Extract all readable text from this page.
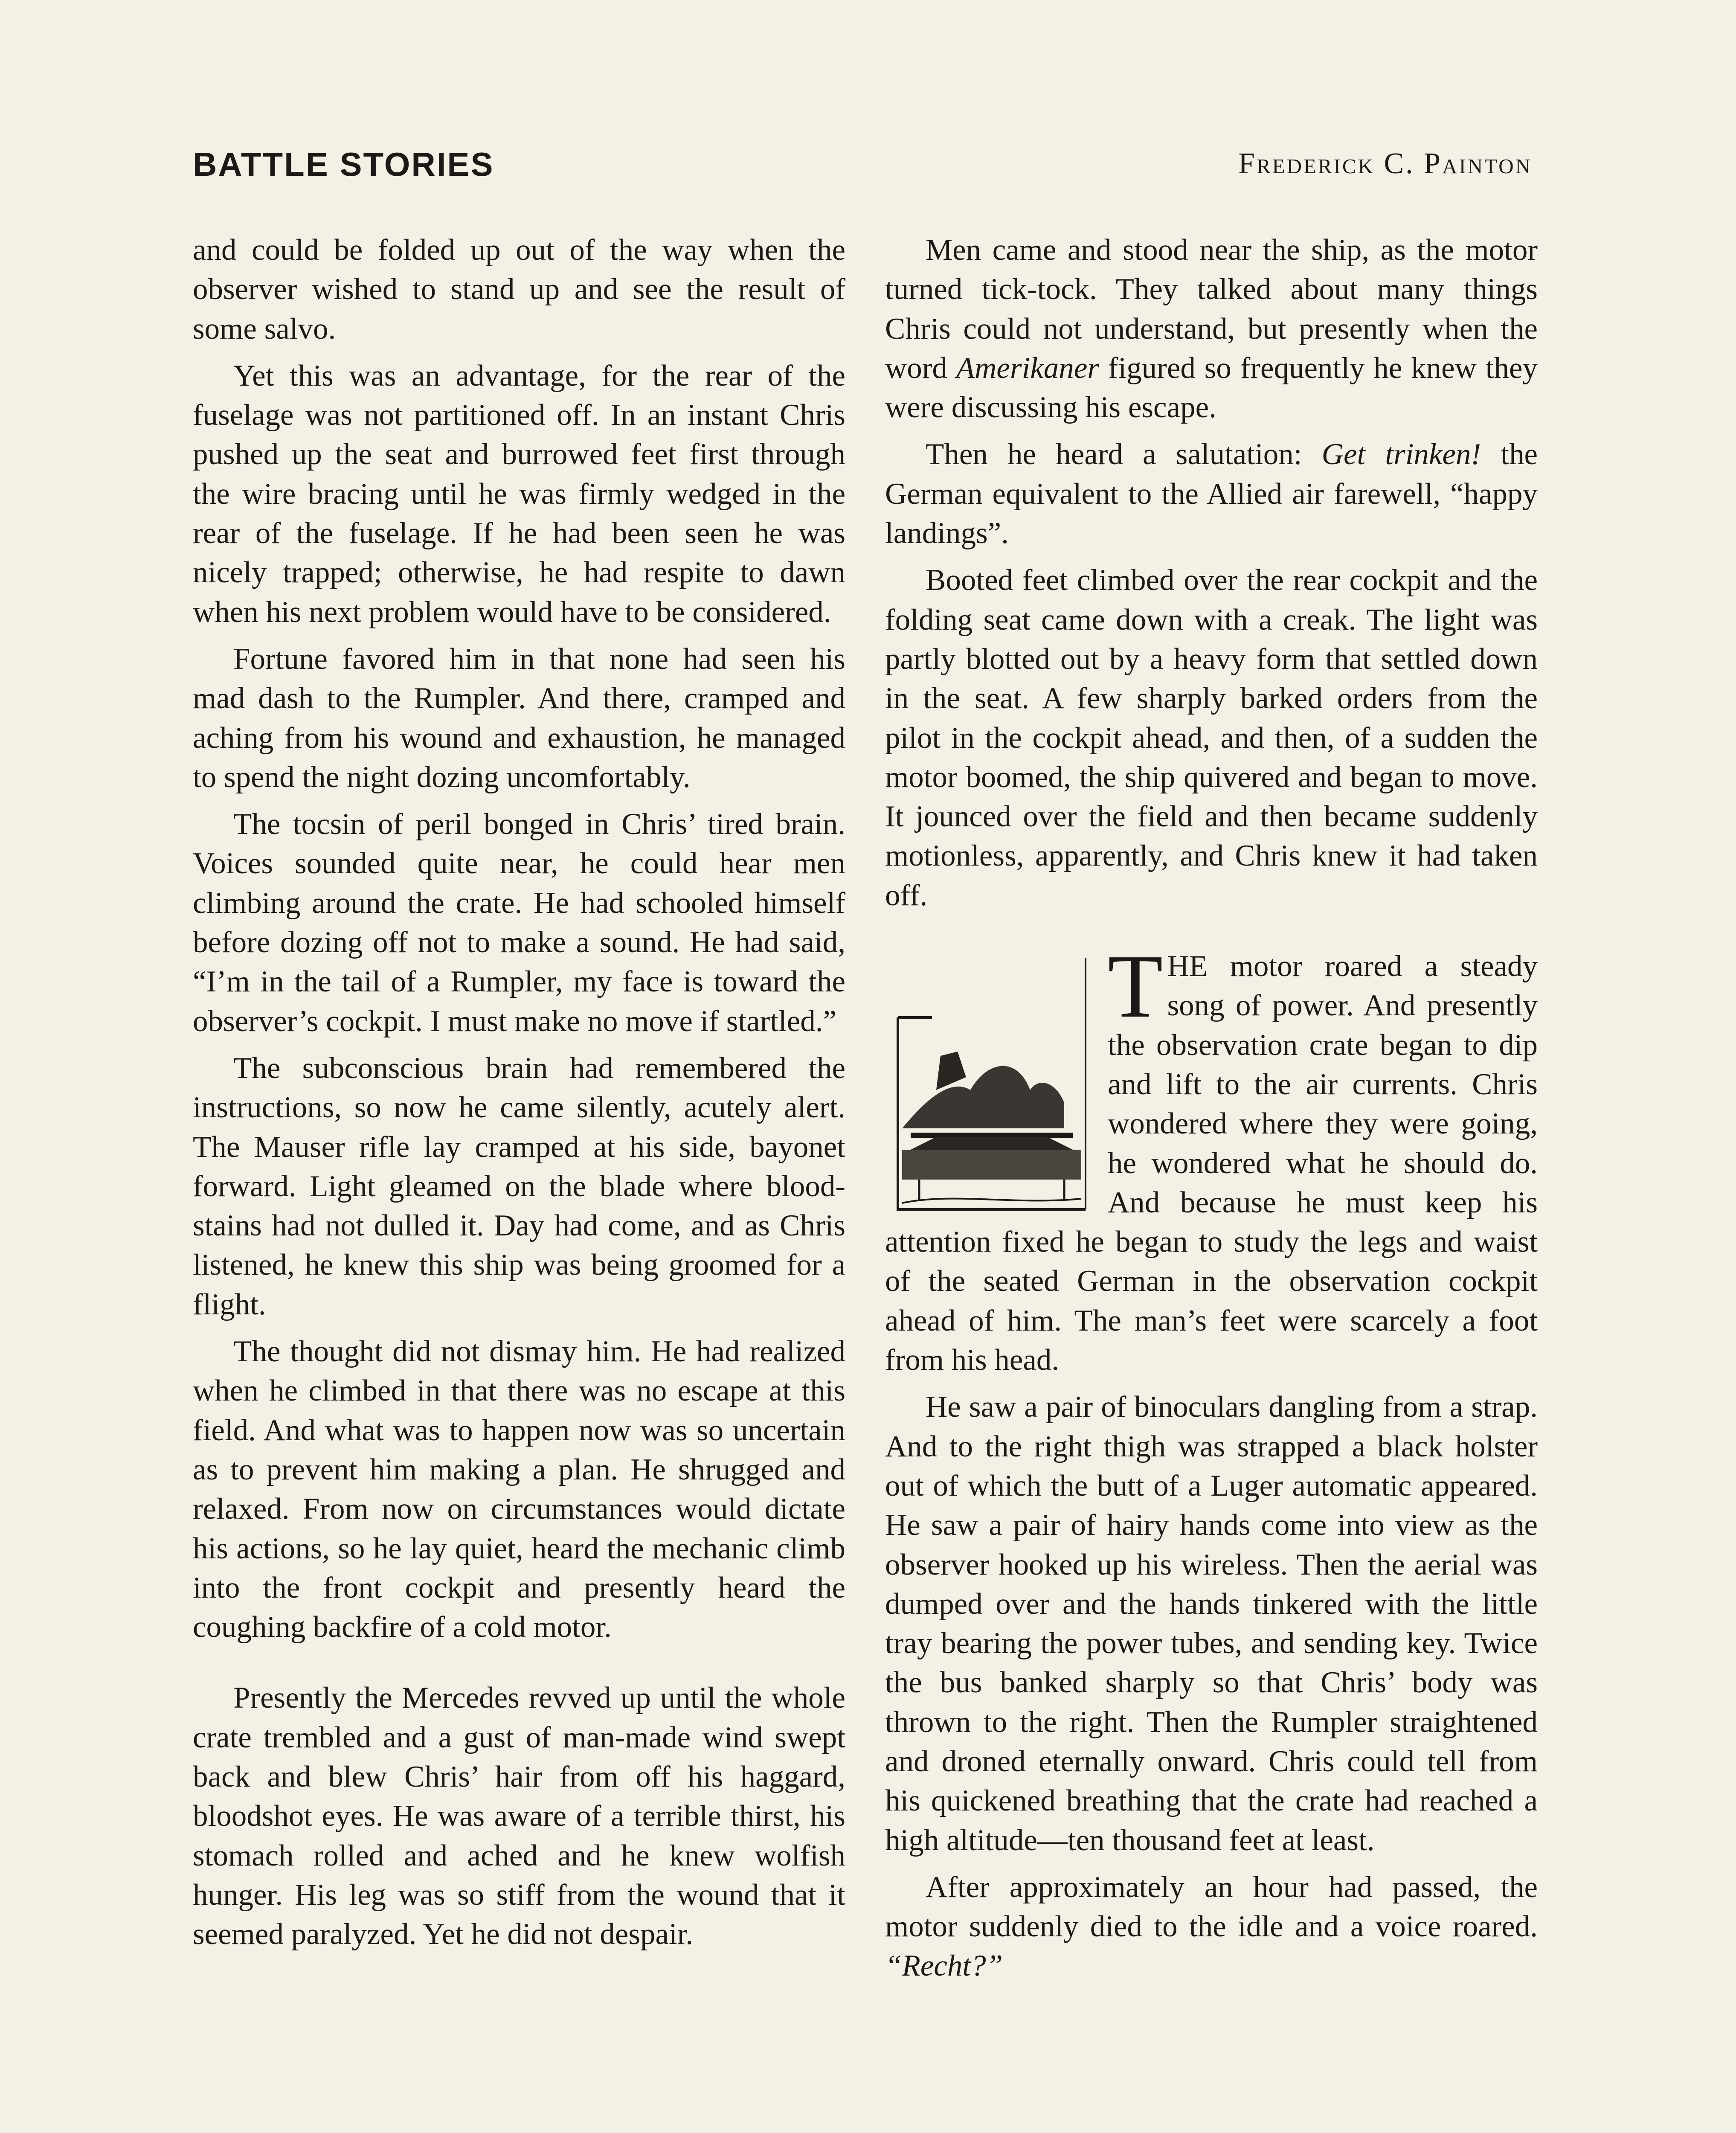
BATTLE STORIES	Frederick C. Painton

and could be folded up out of the way when the observer wished to stand up and see the result of some salvo.

Yet this was an advantage, for the rear of the fuselage was not partitioned off. In an instant Chris pushed up the seat and burrowed feet first through the wire bracing until he was firmly wedged in the rear of the fuselage. If he had been seen he was nicely trapped; otherwise, he had respite to dawn when his next problem would have to be considered.

Fortune favored him in that none had seen his mad dash to the Rumpler. And there, cramped and aching from his wound and exhaustion, he managed to spend the night dozing uncomfortably.

The tocsin of peril bonged in Chris’ tired brain. Voices sounded quite near, he could hear men climbing around the crate. He had schooled himself before dozing off not to make a sound. He had said, “I’m in the tail of a Rumpler, my face is toward the observer’s cockpit. I must make no move if startled.”

The subconscious brain had remembered the instructions, so now he came silently, acutely alert. The Mauser rifle lay cramped at his side, bayonet forward. Light gleamed on the blade where bloodstains had not dulled it. Day had come, and as Chris listened, he knew this ship was being groomed for a flight.

The thought did not dismay him. He had realized when he climbed in that there was no escape at this field. And what was to happen now was so uncertain as to prevent him making a plan. He shrugged and relaxed. From now on circumstances would dictate his actions, so he lay quiet, heard the mechanic climb into the front cockpit and presently heard the coughing backfire of a cold motor.

Presently the Mercedes revved up until the whole crate trembled and a gust of man-made wind swept back and blew Chris’ hair from off his haggard, bloodshot eyes. He was aware of a terrible thirst, his stomach rolled and ached and he knew wolfish hunger. His leg was so stiff from the wound that it seemed paralyzed. Yet he did not despair.

Men came and stood near the ship, as the motor turned tick-tock. They talked about many things Chris could not understand, but presently when the word Amerikaner figured so frequently he knew they were discussing his escape.

Then he heard a salutation: Get trinken! the German equivalent to the Allied air farewell, “happy landings”.

Booted feet climbed over the rear cockpit and the folding seat came down with a creak. The light was partly blotted out by a heavy form that settled down in the seat. A few sharply barked orders from the pilot in the cockpit ahead, and then, of a sudden the motor boomed, the ship quivered and began to move. It jounced over the field and then became suddenly motionless, apparently, and Chris knew it had taken off.

THE motor roared a steady song of power. And presently the observation crate began to dip and lift to the air currents. Chris wondered where they were going, he wondered what he should do. And because he must keep his attention fixed he began to study the legs and waist of the seated German in the observation cockpit ahead of him. The man’s feet were scarcely a foot from his head.

He saw a pair of binoculars dangling from a strap. And to the right thigh was strapped a black holster out of which the butt of a Luger automatic appeared. He saw a pair of hairy hands come into view as the observer hooked up his wireless. Then the aerial was dumped over and the hands tinkered with the little tray bearing the power tubes, and sending key. Twice the bus banked sharply so that Chris’ body was thrown to the right. Then the Rumpler straightened and droned eternally onward. Chris could tell from his quickened breathing that the crate had reached a high altitude—ten thousand feet at least.

After approximately an hour had passed, the motor suddenly died to the idle and a voice roared. “Recht?”
